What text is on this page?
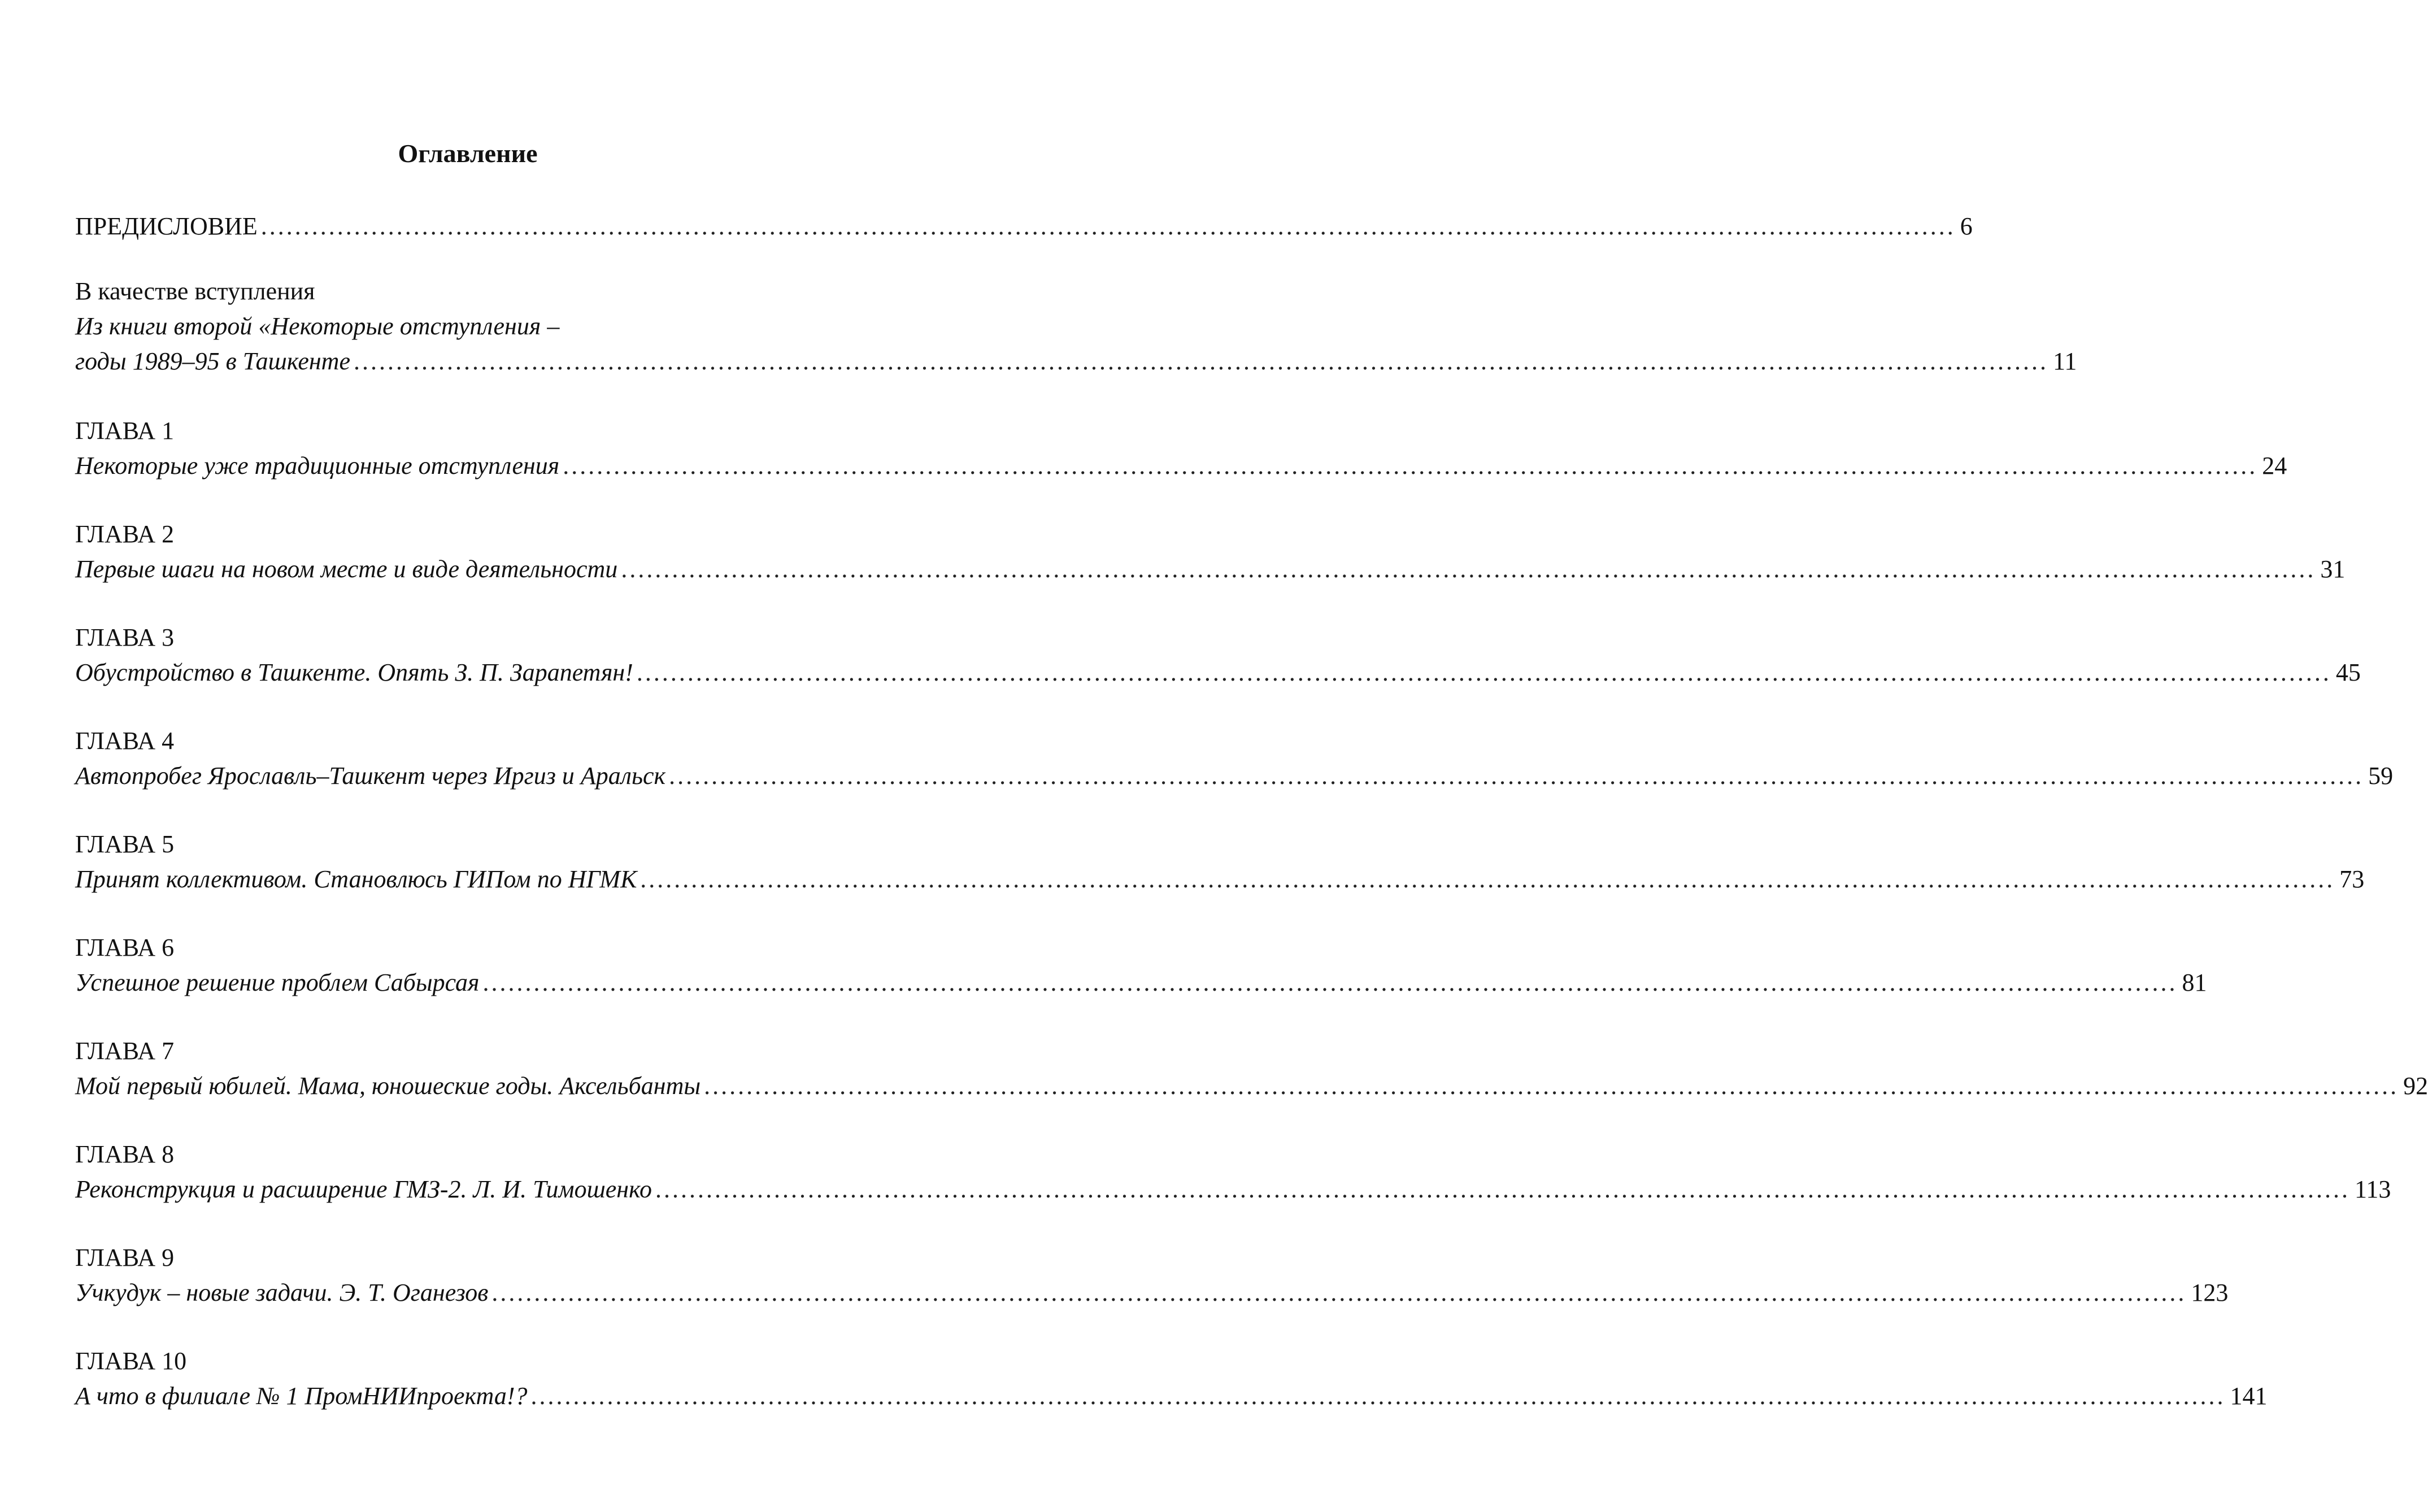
Оглавление
ПРЕДИСЛОВИЕ ........................................................................................................................................................................................................ 6
В качестве вступления
Из книги второй «Некоторые отступления –
годы 1989–95 в Ташкенте ........................................................................................................................................................................................................ 11
ГЛАВА 1
Некоторые уже традиционные отступления ........................................................................................................................................................................................................ 24
ГЛАВА 2
Первые шаги на новом месте и виде деятельности ........................................................................................................................................................................................................ 31
ГЛАВА 3
Обустройство в Ташкенте. Опять З. П. Зарапетян! ........................................................................................................................................................................................................ 45
ГЛАВА 4
Автопробег Ярославль–Ташкент через Иргиз и Аральск ........................................................................................................................................................................................................ 59
ГЛАВА 5
Принят коллективом. Становлюсь ГИПом по НГМК ........................................................................................................................................................................................................ 73
ГЛАВА 6
Успешное решение проблем Сабырсая ........................................................................................................................................................................................................ 81
ГЛАВА 7
Мой первый юбилей. Мама, юношеские годы. Аксельбанты ........................................................................................................................................................................................................ 92
ГЛАВА 8
Реконструкция и расширение ГМЗ-2. Л. И. Тимошенко ........................................................................................................................................................................................................ 113
ГЛАВА 9
Учкудук – новые задачи. Э. Т. Оганезов ........................................................................................................................................................................................................ 123
ГЛАВА 10
А что в филиале № 1 ПромНИИпроекта!? ........................................................................................................................................................................................................ 141
